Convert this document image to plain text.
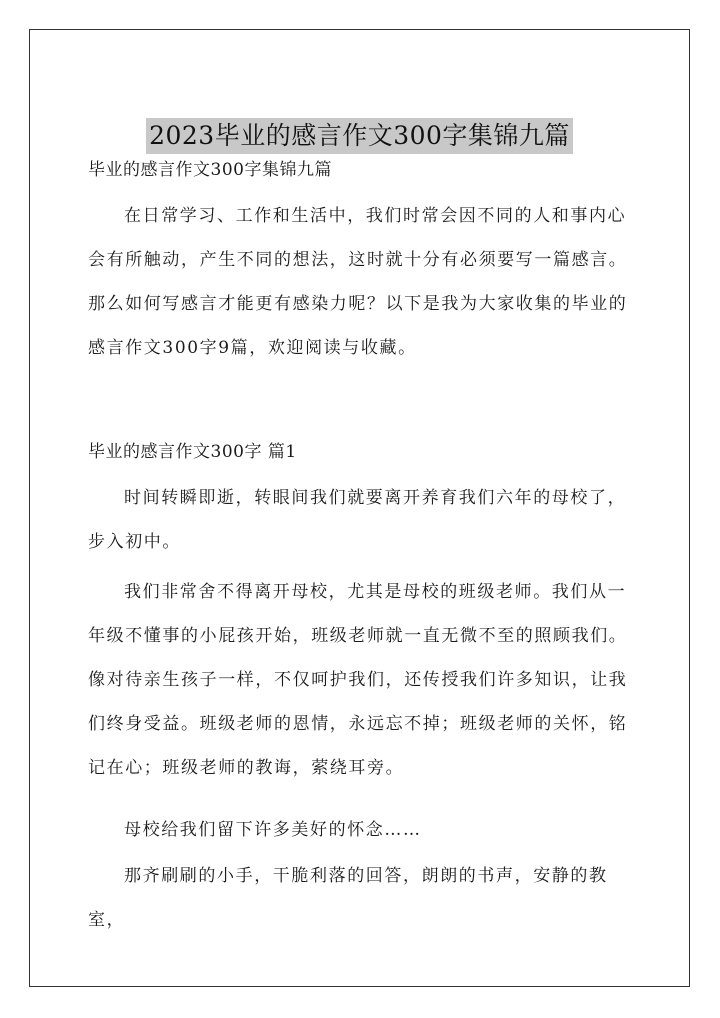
2023毕业的感言作文300字集锦九篇

毕业的感言作文300字集锦九篇

在日常学习、工作和生活中，我们时常会因不同的人和事内心会有所触动，产生不同的想法，这时就十分有必须要写一篇感言。那么如何写感言才能更有感染力呢？以下是我为大家收集的毕业的感言作文300字9篇，欢迎阅读与收藏。

毕业的感言作文300字 篇1

时间转瞬即逝，转眼间我们就要离开养育我们六年的母校了，步入初中。

我们非常舍不得离开母校，尤其是母校的班级老师。我们从一年级不懂事的小屁孩开始，班级老师就一直无微不至的照顾我们。像对待亲生孩子一样，不仅呵护我们，还传授我们许多知识，让我们终身受益。班级老师的恩情，永远忘不掉；班级老师的关怀，铭记在心；班级老师的教诲，萦绕耳旁。

母校给我们留下许多美好的怀念……

那齐刷刷的小手，干脆利落的回答，朗朗的书声，安静的教室，
